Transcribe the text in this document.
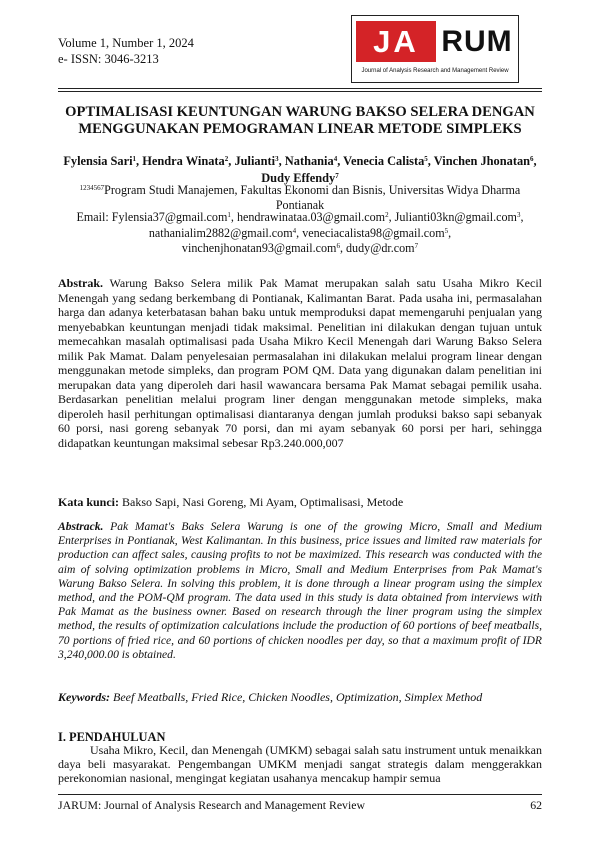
Volume 1, Number 1, 2024
e- ISSN: 3046-3213	JA RUM
Journal of Analysis Research and Management Review
OPTIMALISASI KEUNTUNGAN WARUNG BAKSO SELERA DENGAN
MENGGUNAKAN PEMOGRAMAN LINEAR METODE SIMPLEKS
Fylensia Sari$^1$, Hendra Winata$^2$, Julianti$^3$, Nathania$^4$, Venecia Calista$^5$, Vinchen Jhonatan$^6$, Dudy Effendy$^7$
$^{1234567}$Program Studi Manajemen, Fakultas Ekonomi dan Bisnis, Universitas Widya Dharma
Pontianak
Email: Fylensia37@gmail.com$^1$, hendrawinataa.03@gmail.com$^2$, Julianti03kn@gmail.com$^3$,
nathanialim2882@gmail.com$^4$, veneciacalista98@gmail.com$^5$,
vinchenjhonatan93@gmail.com$^6$, dudy@dr.com$^7$
Abstrak. Warung Bakso Selera milik Pak Mamat merupakan salah satu Usaha Mikro Kecil Menengah yang sedang berkembang di Pontianak, Kalimantan Barat. Pada usaha ini, permasalahan harga dan adanya keterbatasan bahan baku untuk memproduksi dapat memengaruhi penjualan yang menyebabkan keuntungan menjadi tidak maksimal. Penelitian ini dilakukan dengan tujuan untuk memecahkan masalah optimalisasi pada Usaha Mikro Kecil Menengah dari Warung Bakso Selera milik Pak Mamat. Dalam penyelesaian permasalahan ini dilakukan melalui program linear dengan menggunakan metode simpleks, dan program POM QM. Data yang digunakan dalam penelitian ini merupakan data yang diperoleh dari hasil wawancara bersama Pak Mamat sebagai pemilik usaha. Berdasarkan penelitian melalui program liner dengan menggunakan metode simpleks, maka diperoleh hasil perhitungan optimalisasi diantaranya dengan jumlah produksi bakso sapi sebanyak 60 porsi, nasi goreng sebanyak 70 porsi, dan mi ayam sebanyak 60 porsi per hari, sehingga didapatkan keuntungan maksimal sebesar Rp3.240.000,007
Kata kunci: Bakso Sapi, Nasi Goreng, Mi Ayam, Optimalisasi, Metode
Abstrack. Pak Mamat's Baks Selera Warung is one of the growing Micro, Small and Medium Enterprises in Pontianak, West Kalimantan. In this business, price issues and limited raw materials for production can affect sales, causing profits to not be maximized. This research was conducted with the aim of solving optimization problems in Micro, Small and Medium Enterprises from Pak Mamat's Warung Bakso Selera. In solving this problem, it is done through a linear program using the simplex method, and the POM-QM program. The data used in this study is data obtained from interviews with Pak Mamat as the business owner. Based on research through the liner program using the simplex method, the results of optimization calculations include the production of 60 portions of beef meatballs, 70 portions of fried rice, and 60 portions of chicken noodles per day, so that a maximum profit of IDR 3,240,000.00 is obtained.
Keywords: Beef Meatballs, Fried Rice, Chicken Noodles, Optimization, Simplex Method
I. PENDAHULUAN
Usaha Mikro, Kecil, dan Menengah (UMKM) sebagai salah satu instrument untuk menaikkan daya beli masyarakat. Pengembangan UMKM menjadi sangat strategis dalam menggerakkan perekonomian nasional, mengingat kegiatan usahanya mencakup hampir semua
JARUM: Journal of Analysis Research and Management Review	62
